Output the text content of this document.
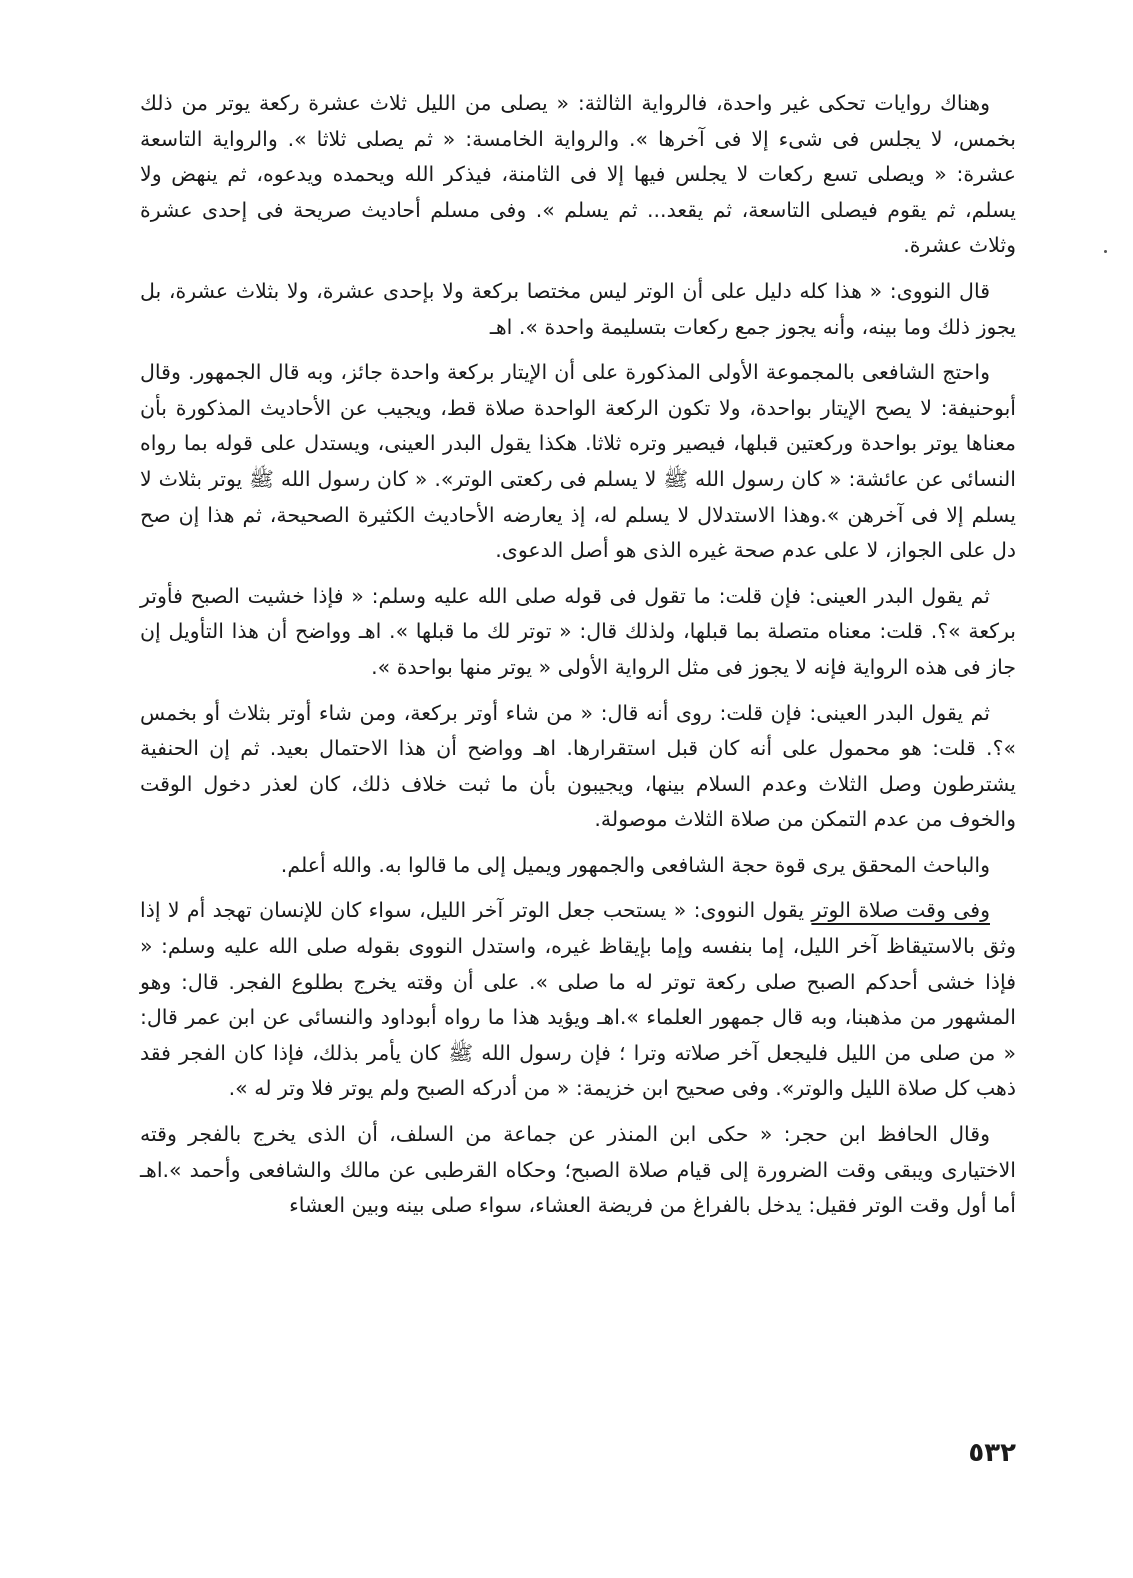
وهناك روايات تحكى غير واحدة، فالرواية الثالثة: « يصلى من الليل ثلاث عشرة ركعة يوتر من ذلك بخمس، لا يجلس فى شىء إلا فى آخرها ». والرواية الخامسة: « ثم يصلى ثلاثا ». والرواية التاسعة عشرة: « ويصلى تسع ركعات لا يجلس فيها إلا فى الثامنة، فيذكر الله ويحمده ويدعوه، ثم ينهض ولا يسلم، ثم يقوم فيصلى التاسعة، ثم يقعد... ثم يسلم ». وفى مسلم أحاديث صريحة فى إحدى عشرة وثلاث عشرة.

قال النووى: « هذا كله دليل على أن الوتر ليس مختصا بركعة ولا بإحدى عشرة، ولا بثلاث عشرة، بل يجوز ذلك وما بينه، وأنه يجوز جمع ركعات بتسليمة واحدة ». اهـ

واحتج الشافعى بالمجموعة الأولى المذكورة على أن الإيتار بركعة واحدة جائز، وبه قال الجمهور. وقال أبوحنيفة: لا يصح الإيتار بواحدة، ولا تكون الركعة الواحدة صلاة قط، ويجيب عن الأحاديث المذكورة بأن معناها يوتر بواحدة وركعتين قبلها، فيصير وتره ثلاثا. هكذا يقول البدر العينى، ويستدل على قوله بما رواه النسائى عن عائشة: « كان رسول الله ﷺ لا يسلم فى ركعتى الوتر». « كان رسول الله ﷺ يوتر بثلاث لا يسلم إلا فى آخرهن ».وهذا الاستدلال لا يسلم له، إذ يعارضه الأحاديث الكثيرة الصحيحة، ثم هذا إن صح دل على الجواز، لا على عدم صحة غيره الذى هو أصل الدعوى.

ثم يقول البدر العينى: فإن قلت: ما تقول فى قوله صلى الله عليه وسلم: « فإذا خشيت الصبح فأوتر بركعة »؟. قلت: معناه متصلة بما قبلها، ولذلك قال: « توتر لك ما قبلها ». اهـ وواضح أن هذا التأويل إن جاز فى هذه الرواية فإنه لا يجوز فى مثل الرواية الأولى « يوتر منها بواحدة ».

ثم يقول البدر العينى: فإن قلت: روى أنه قال: « من شاء أوتر بركعة، ومن شاء أوتر بثلاث أو بخمس »؟. قلت: هو محمول على أنه كان قبل استقرارها. اهـ وواضح أن هذا الاحتمال بعيد. ثم إن الحنفية يشترطون وصل الثلاث وعدم السلام بينها، ويجيبون بأن ما ثبت خلاف ذلك، كان لعذر دخول الوقت والخوف من عدم التمكن من صلاة الثلاث موصولة.

والباحث المحقق يرى قوة حجة الشافعى والجمهور ويميل إلى ما قالوا به. والله أعلم.

وفى وقت صلاة الوتر يقول النووى: « يستحب جعل الوتر آخر الليل، سواء كان للإنسان تهجد أم لا إذا وثق بالاستيقاظ آخر الليل، إما بنفسه وإما بإيقاظ غيره، واستدل النووى بقوله صلى الله عليه وسلم: « فإذا خشى أحدكم الصبح صلى ركعة توتر له ما صلى ». على أن وقته يخرج بطلوع الفجر. قال: وهو المشهور من مذهبنا، وبه قال جمهور العلماء ».اهـ ويؤيد هذا ما رواه أبوداود والنسائى عن ابن عمر قال: « من صلى من الليل فليجعل آخر صلاته وترا ؛ فإن رسول الله ﷺ كان يأمر بذلك، فإذا كان الفجر فقد ذهب كل صلاة الليل والوتر». وفى صحيح ابن خزيمة: « من أدركه الصبح ولم يوتر فلا وتر له ».

وقال الحافظ ابن حجر: « حكى ابن المنذر عن جماعة من السلف، أن الذى يخرج بالفجر وقته الاختيارى ويبقى وقت الضرورة إلى قيام صلاة الصبح؛ وحكاه القرطبى عن مالك والشافعى وأحمد ».اهـ أما أول وقت الوتر فقيل: يدخل بالفراغ من فريضة العشاء، سواء صلى بينه وبين العشاء

٥٣٢
